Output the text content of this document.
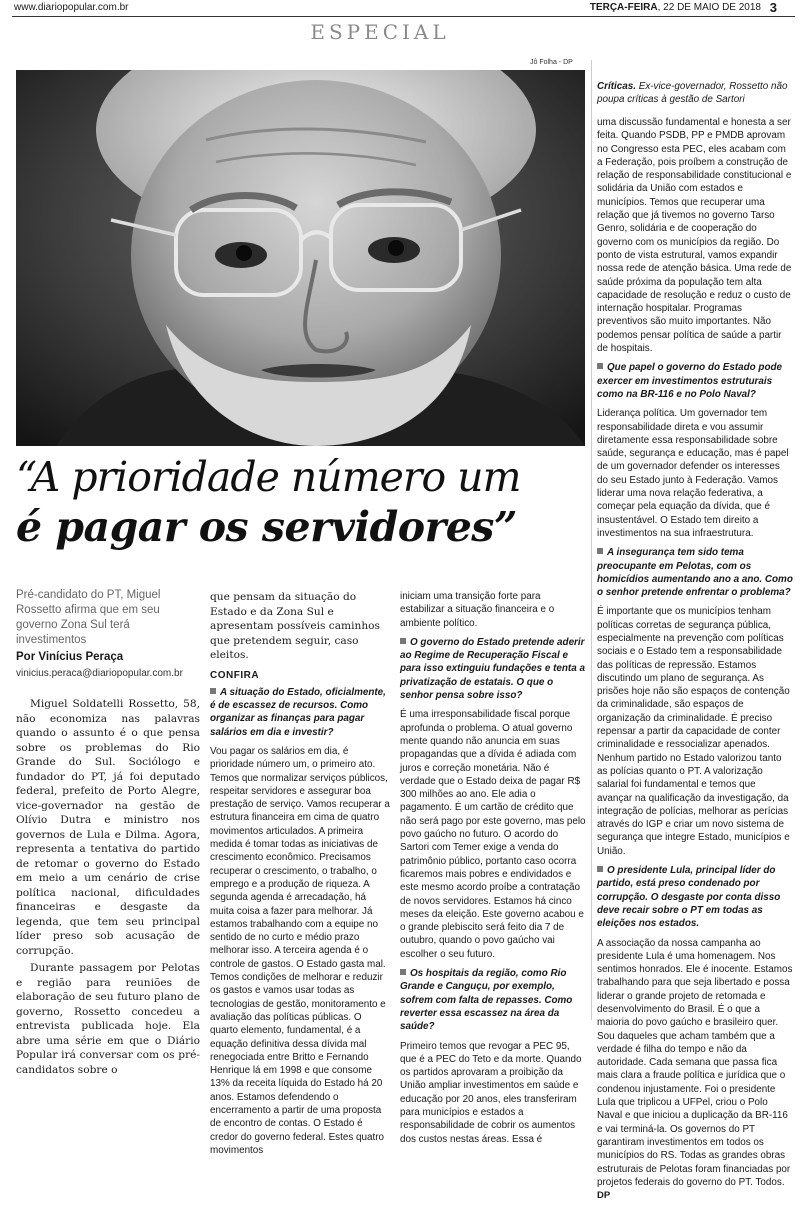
www.diariopopular.com.br	TERÇA-FEIRA, 22 DE MAIO DE 2018 3
ESPECIAL
Jô Folha - DP
“A prioridade número um
é pagar os servidores”
Pré-candidato do PT, Miguel Rossetto afirma que em seu governo Zona Sul terá investimentos
Por Vinícius Peraça
vinicius.peraca@diariopopular.com.br

Miguel Soldatelli Rossetto, 58, não economiza nas palavras quando o assunto é o que pensa sobre os problemas do Rio Grande do Sul. Sociólogo e fundador do PT, já foi deputado federal, prefeito de Porto Alegre, vice-governador na gestão de Olívio Dutra e ministro nos governos de Lula e Dilma. Agora, representa a tentativa do partido de retomar o governo do Estado em meio a um cenário de crise política nacional, dificuldades financeiras e desgaste da legenda, que tem seu principal líder preso sob acusação de corrupção.

Durante passagem por Pelotas e região para reuniões de elaboração de seu futuro plano de governo, Rossetto concedeu a entrevista publicada hoje. Ela abre uma série em que o Diário Popular irá conversar com os pré-candidatos sobre o

que pensam da situação do Estado e da Zona Sul e apresentam possíveis caminhos que pretendem seguir, caso eleitos.

CONFIRA

A situação do Estado, oficialmente, é de escassez de recursos. Como organizar as finanças para pagar salários em dia e investir?

Vou pagar os salários em dia, é prioridade número um, o primeiro ato. Temos que normalizar serviços públicos, respeitar servidores e assegurar boa prestação de serviço. Vamos recuperar a estrutura financeira em cima de quatro movimentos articulados. A primeira medida é tomar todas as iniciativas de crescimento econômico. Precisamos recuperar o crescimento, o trabalho, o emprego e a produção de riqueza. A segunda agenda é arrecadação, há muita coisa a fazer para melhorar. Já estamos trabalhando com a equipe no sentido de no curto e médio prazo melhorar isso. A terceira agenda é o controle de gastos. O Estado gasta mal. Temos condições de melhorar e reduzir os gastos e vamos usar todas as tecnologias de gestão, monitoramento e avaliação das políticas públicas. O quarto elemento, fundamental, é a equação definitiva dessa dívida mal renegociada entre Britto e Fernando Henrique lá em 1998 e que consome 13% da receita líquida do Estado há 20 anos. Estamos defendendo o encerramento a partir de uma proposta de encontro de contas. O Estado é credor do governo federal. Estes quatro movimentos

iniciam uma transição forte para estabilizar a situação financeira e o ambiente político.

O governo do Estado pretende aderir ao Regime de Recuperação Fiscal e para isso extinguiu fundações e tenta a privatização de estatais. O que o senhor pensa sobre isso?

É uma irresponsabilidade fiscal porque aprofunda o problema. O atual governo mente quando não anuncia em suas propagandas que a dívida é adiada com juros e correção monetária. Não é verdade que o Estado deixa de pagar R$ 300 milhões ao ano. Ele adia o pagamento. É um cartão de crédito que não será pago por este governo, mas pelo povo gaúcho no futuro. O acordo do Sartori com Temer exige a venda do patrimônio público, portanto caso ocorra ficaremos mais pobres e endividados e este mesmo acordo proíbe a contratação de novos servidores. Estamos há cinco meses da eleição. Este governo acabou e o grande plebiscito será feito dia 7 de outubro, quando o povo gaúcho vai escolher o seu futuro.

Os hospitais da região, como Rio Grande e Canguçu, por exemplo, sofrem com falta de repasses. Como reverter essa escassez na área da saúde?

Primeiro temos que revogar a PEC 95, que é a PEC do Teto e da morte. Quando os partidos aprovaram a proibição da União ampliar investimentos em saúde e educação por 20 anos, eles transferiram para municípios e estados a responsabilidade de cobrir os aumentos dos custos nestas áreas. Essa é

Críticas. Ex-vice-governador, Rossetto não poupa críticas à gestão de Sartori

uma discussão fundamental e honesta a ser feita. Quando PSDB, PP e PMDB aprovam no Congresso esta PEC, eles acabam com a Federação, pois proíbem a construção de relação de responsabilidade constitucional e solidária da União com estados e municípios. Temos que recuperar uma relação que já tivemos no governo Tarso Genro, solidária e de cooperação do governo com os municípios da região. Do ponto de vista estrutural, vamos expandir nossa rede de atenção básica. Uma rede de saúde próxima da população tem alta capacidade de resolução e reduz o custo de internação hospitalar. Programas preventivos são muito importantes. Não podemos pensar política de saúde a partir de hospitais.

Que papel o governo do Estado pode exercer em investimentos estruturais como na BR-116 e no Polo Naval?

Liderança política. Um governador tem responsabilidade direta e vou assumir diretamente essa responsabilidade sobre saúde, segurança e educação, mas é papel de um governador defender os interesses do seu Estado junto à Federação. Vamos liderar uma nova relação federativa, a começar pela equação da dívida, que é insustentável. O Estado tem direito a investimentos na sua infraestrutura.

A insegurança tem sido tema preocupante em Pelotas, com os homicídios aumentando ano a ano. Como o senhor pretende enfrentar o problema?

É importante que os municípios tenham políticas corretas de segurança pública, especialmente na prevenção com políticas sociais e o Estado tem a responsabilidade das políticas de repressão. Estamos discutindo um plano de segurança. As prisões hoje não são espaços de contenção da criminalidade, são espaços de organização da criminalidade. É preciso repensar a partir da capacidade de conter criminalidade e ressocializar apenados. Nenhum partido no Estado valorizou tanto as polícias quanto o PT. A valorização salarial foi fundamental e temos que avançar na qualificação da investigação, da integração de polícias, melhorar as perícias através do IGP e criar um novo sistema de segurança que integre Estado, municípios e União.

O presidente Lula, principal líder do partido, está preso condenado por corrupção. O desgaste por conta disso deve recair sobre o PT em todas as eleições nos estados.

A associação da nossa campanha ao presidente Lula é uma homenagem. Nos sentimos honrados. Ele é inocente. Estamos trabalhando para que seja libertado e possa liderar o grande projeto de retomada e desenvolvimento do Brasil. É o que a maioria do povo gaúcho e brasileiro quer. Sou daqueles que acham também que a verdade é filha do tempo e não da autoridade. Cada semana que passa fica mais clara a fraude política e jurídica que o condenou injustamente. Foi o presidente Lula que triplicou a UFPel, criou o Polo Naval e que iniciou a duplicação da BR-116 e vai terminá-la. Os governos do PT garantiram investimentos em todos os municípios do RS. Todas as grandes obras estruturais de Pelotas foram financiadas por projetos federais do governo do PT. Todos. DP
